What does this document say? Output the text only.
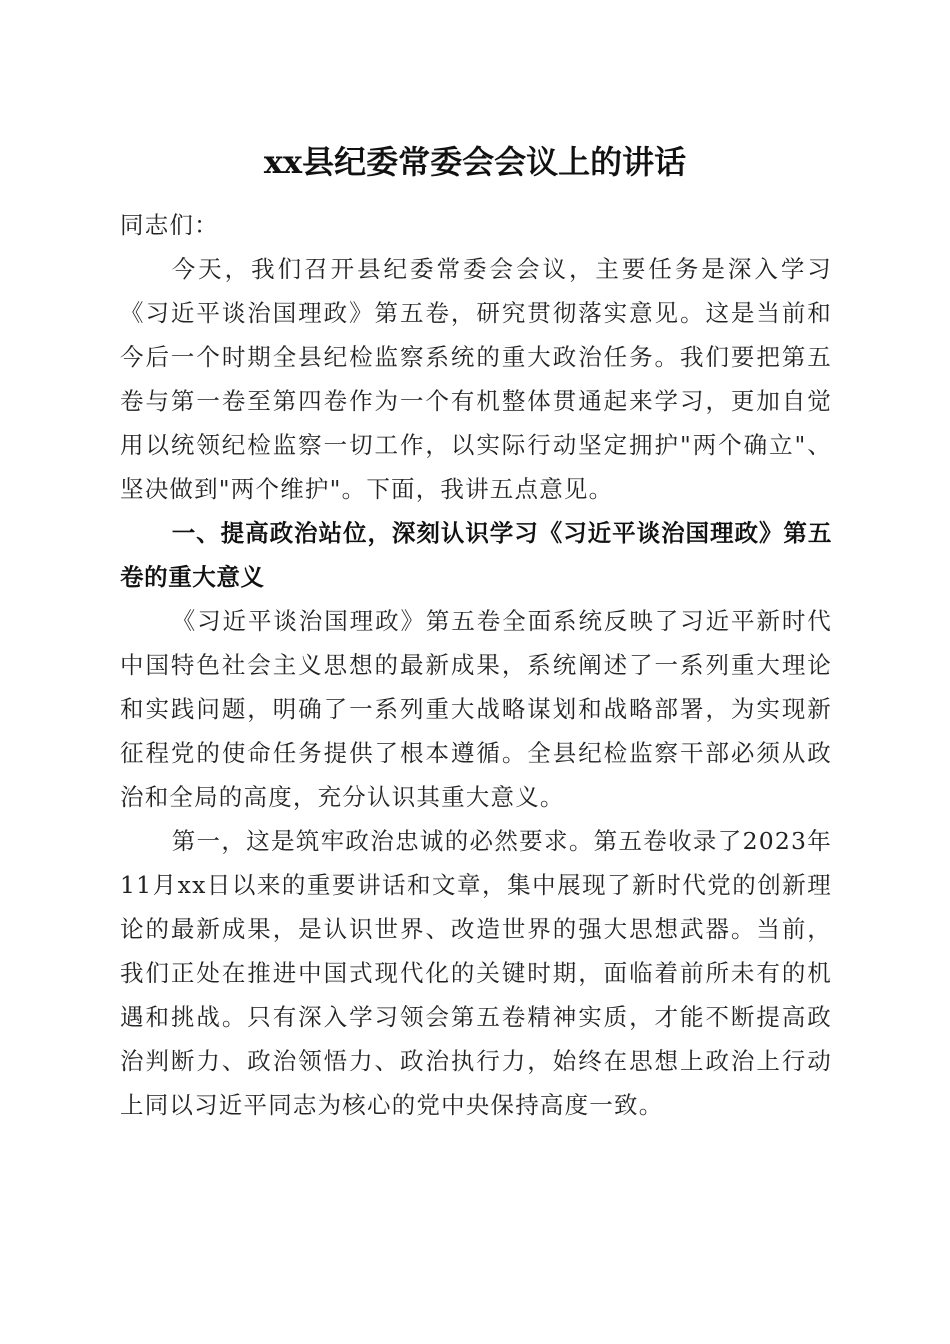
xx县纪委常委会会议上的讲话

同志们：

今天，我们召开县纪委常委会会议，主要任务是深入学习《习近平谈治国理政》第五卷，研究贯彻落实意见。这是当前和今后一个时期全县纪检监察系统的重大政治任务。我们要把第五卷与第一卷至第四卷作为一个有机整体贯通起来学习，更加自觉用以统领纪检监察一切工作，以实际行动坚定拥护"两个确立"、坚决做到"两个维护"。下面，我讲五点意见。

一、提高政治站位，深刻认识学习《习近平谈治国理政》第五卷的重大意义

《习近平谈治国理政》第五卷全面系统反映了习近平新时代中国特色社会主义思想的最新成果，系统阐述了一系列重大理论和实践问题，明确了一系列重大战略谋划和战略部署，为实现新征程党的使命任务提供了根本遵循。全县纪检监察干部必须从政治和全局的高度，充分认识其重大意义。

第一，这是筑牢政治忠诚的必然要求。第五卷收录了2023年11月xx日以来的重要讲话和文章，集中展现了新时代党的创新理论的最新成果，是认识世界、改造世界的强大思想武器。当前，我们正处在推进中国式现代化的关键时期，面临着前所未有的机遇和挑战。只有深入学习领会第五卷精神实质，才能不断提高政治判断力、政治领悟力、政治执行力，始终在思想上政治上行动上同以习近平同志为核心的党中央保持高度一致。
